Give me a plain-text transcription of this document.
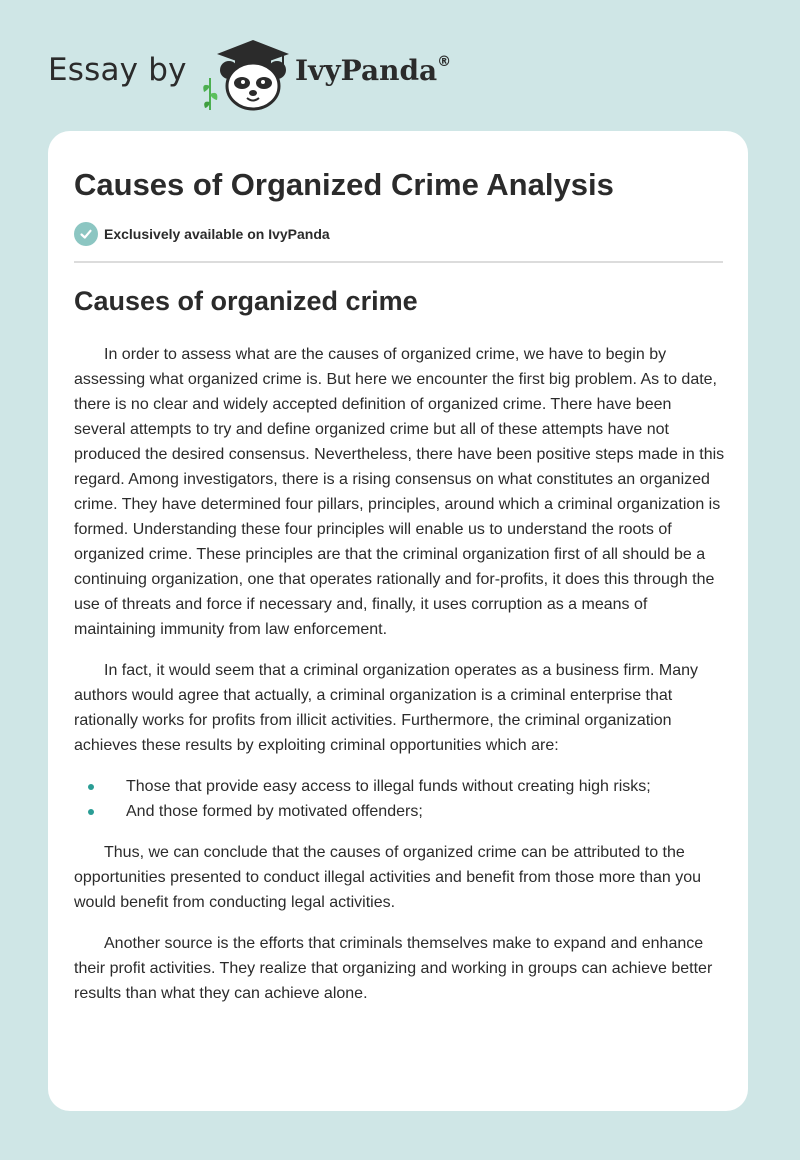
Essay by	IvyPanda®
Causes of Organized Crime Analysis
Exclusively available on IvyPanda
Causes of organized crime

In order to assess what are the causes of organized crime, we have to begin by assessing what organized crime is. But here we encounter the first big problem. As to date, there is no clear and widely accepted definition of organized crime. There have been several attempts to try and define organized crime but all of these attempts have not produced the desired consensus. Nevertheless, there have been positive steps made in this regard. Among investigators, there is a rising consensus on what constitutes an organized crime. They have determined four pillars, principles, around which a criminal organization is formed. Understanding these four principles will enable us to understand the roots of organized crime. These principles are that the criminal organization first of all should be a continuing organization, one that operates rationally and for-profits, it does this through the use of threats and force if necessary and, finally, it uses corruption as a means of maintaining immunity from law enforcement.

In fact, it would seem that a criminal organization operates as a business firm. Many authors would agree that actually, a criminal organization is a criminal enterprise that rationally works for profits from illicit activities. Furthermore, the criminal organization achieves these results by exploiting criminal opportunities which are:

Those that provide easy access to illegal funds without creating high risks;
And those formed by motivated offenders;

Thus, we can conclude that the causes of organized crime can be attributed to the opportunities presented to conduct illegal activities and benefit from those more than you would benefit from conducting legal activities.

Another source is the efforts that criminals themselves make to expand and enhance their profit activities. They realize that organizing and working in groups can achieve better results than what they can achieve alone.
